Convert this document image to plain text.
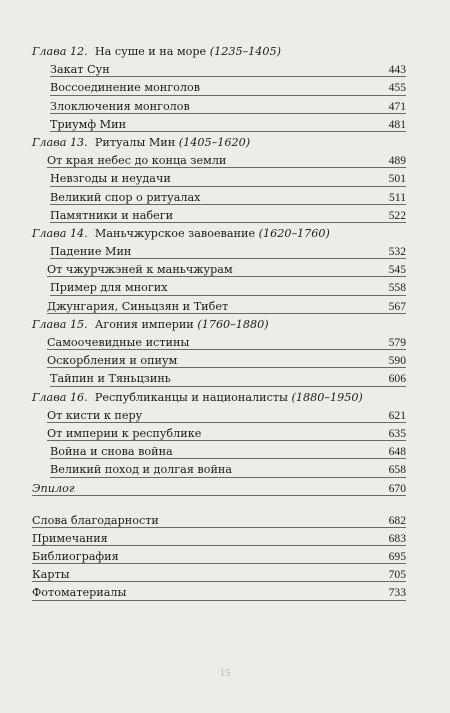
Глава 12. На суше и на море (1235–1405)
Закат Сун	443
Воссоединение монголов	455
Злоключения монголов	471
Триумф Мин	481
Глава 13. Ритуалы Мин (1405–1620)
От края небес до конца земли	489
Невзгоды и неудачи	501
Великий спор о ритуалах	511
Памятники и набеги	522
Глава 14. Маньчжурское завоевание (1620–1760)
Падение Мин	532
От чжурчжэней к маньчжурам	545
Пример для многих	558
Джунгария, Синьцзян и Тибет	567
Глава 15. Агония империи (1760–1880)
Самоочевидные истины	579
Оскорбления и опиум	590
Тайпин и Тяньцзинь	606
Глава 16. Республиканцы и националисты (1880–1950)
От кисти к перу	621
От империи к республике	635
Война и снова война	648
Великий поход и долгая война	658
Эпилог	670
Слова благодарности	682
Примечания	683
Библиография	695
Карты	705
Фотоматериалы	733
15
